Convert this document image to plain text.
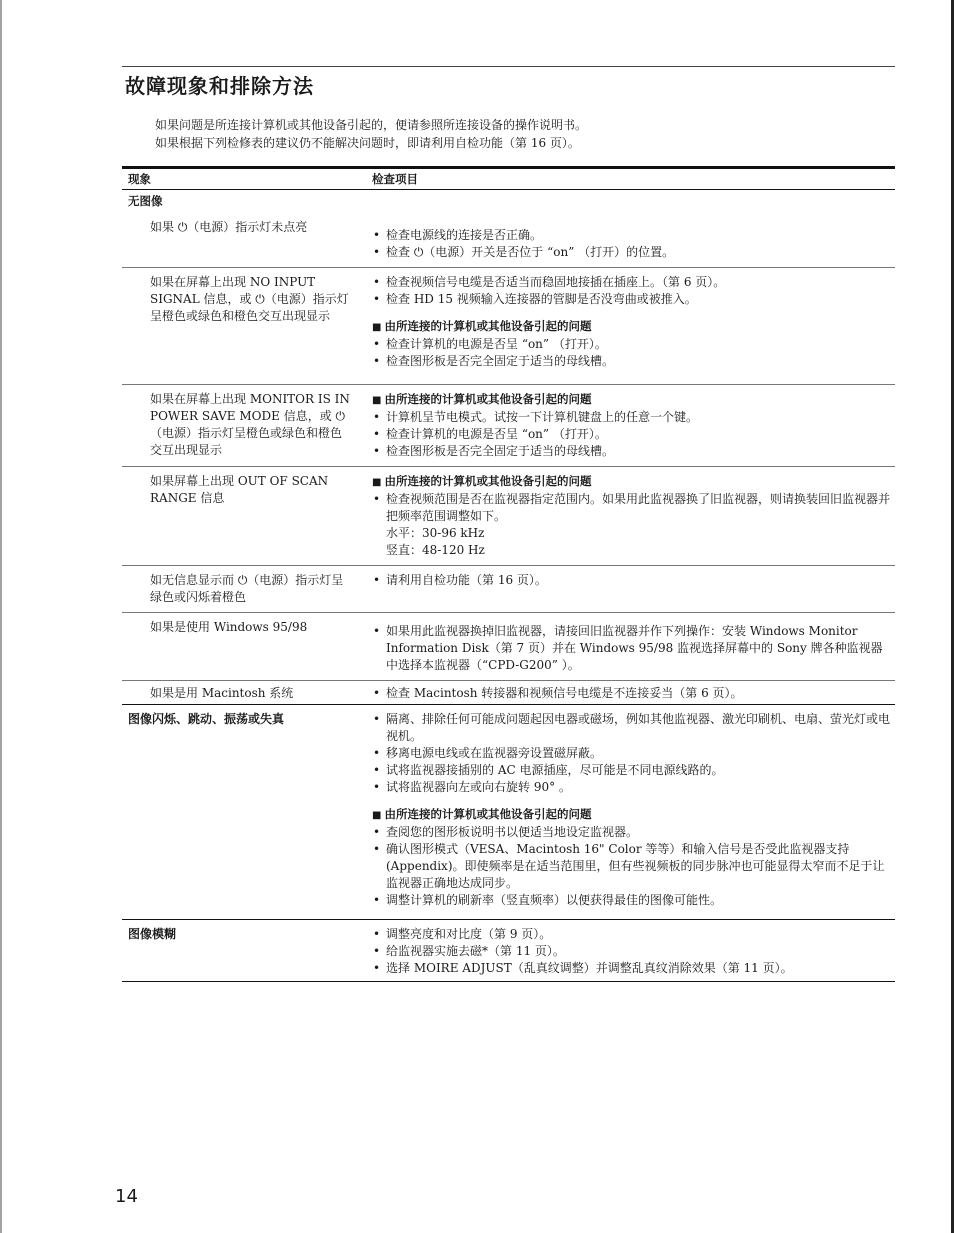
故障现象和排除方法
如果问题是所连接计算机或其他设备引起的，便请参照所连接设备的操作说明书。
如果根据下列检修表的建议仍不能解决问题时，即请利用自检功能（第 16 页）。
现象	检查项目
无图像
如果 ⏻（电源）指示灯未点亮
• 检查电源线的连接是否正确。
• 检查 ⏻（电源）开关是否位于 “on” （打开）的位置。
如果在屏幕上出现 NO INPUT SIGNAL 信息，或 ⏻（电源）指示灯呈橙色或绿色和橙色交互出现显示
• 检查视频信号电缆是否适当而稳固地接插在插座上。（第 6 页）。
• 检查 HD 15 视频输入连接器的管脚是否没弯曲或被推入。
■ 由所连接的计算机或其他设备引起的问题
• 检查计算机的电源是否呈 “on” （打开）。
• 检查图形板是否完全固定于适当的母线槽。
如果在屏幕上出现 MONITOR IS IN POWER SAVE MODE 信息，或 ⏻（电源）指示灯呈橙色或绿色和橙色交互出现显示
■ 由所连接的计算机或其他设备引起的问题
• 计算机呈节电模式。试按一下计算机键盘上的任意一个键。
• 检查计算机的电源是否呈 “on” （打开）。
• 检查图形板是否完全固定于适当的母线槽。
如果屏幕上出现 OUT OF SCAN RANGE 信息
■ 由所连接的计算机或其他设备引起的问题
• 检查视频范围是否在监视器指定范围内。如果用此监视器换了旧监视器，则请换装回旧监视器并把频率范围调整如下。
水平：30-96 kHz
竖直：48-120 Hz
如无信息显示而 ⏻（电源）指示灯呈绿色或闪烁着橙色
• 请利用自检功能（第 16 页）。
如果是使用 Windows 95/98	• 如果用此监视器换掉旧监视器，请接回旧监视器并作下列操作：安装 Windows Monitor Information Disk（第 7 页）并在 Windows 95/98 监视选择屏幕中的 Sony 牌各种监视器中选择本监视器（“CPD-G200” ）。
如果是用 Macintosh 系统	• 检查 Macintosh 转接器和视频信号电缆是不连接妥当（第 6 页）。
图像闪烁、跳动、振荡或失真	• 隔离、排除任何可能成问题起因电器或磁场，例如其他监视器、激光印刷机、电扇、萤光灯或电视机。
• 移离电源电线或在监视器旁设置磁屏蔽。
• 试将监视器接插别的 AC 电源插座，尽可能是不同电源线路的。
• 试将监视器向左或向右旋转 90° 。
■ 由所连接的计算机或其他设备引起的问题
• 查阅您的图形板说明书以便适当地设定监视器。
• 确认图形模式（VESA、Macintosh 16" Color 等等）和输入信号是否受此监视器支持 (Appendix)。即使频率是在适当范围里，但有些视频板的同步脉冲也可能显得太窄而不足于让监视器正确地达成同步。
• 调整计算机的刷新率（竖直频率）以便获得最佳的图像可能性。
图像模糊	• 调整亮度和对比度（第 9 页）。
• 给监视器实施去磁*（第 11 页）。
• 选择 MOIRE ADJUST（乱真纹调整）并调整乱真纹消除效果（第 11 页）。
14
